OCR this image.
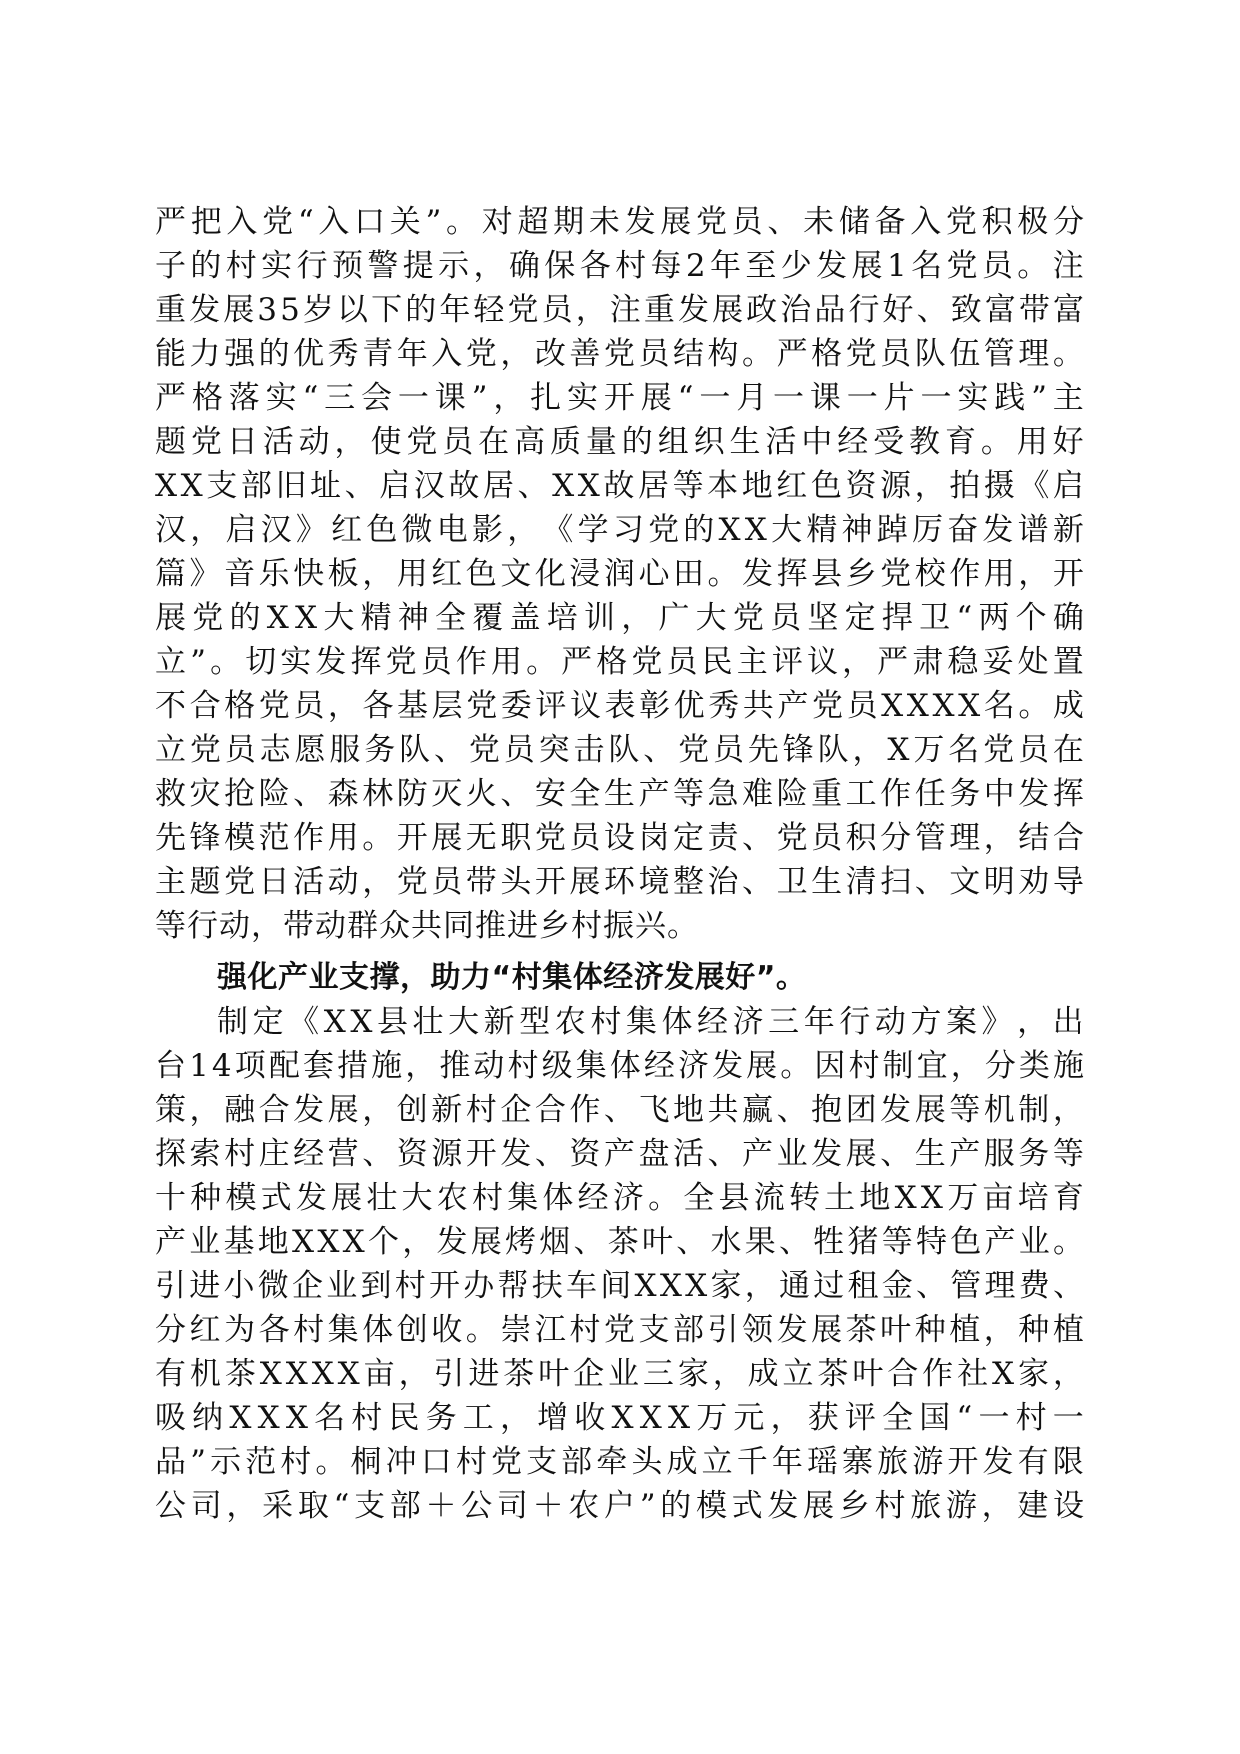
严 把 入 党 “ 入 口 关 ” 。 对 超 期 未 发 展 党 员 、 未 储 备 入 党 积 极 分
子 的 村 实 行 预 警 提 示 ， 确 保 各 村 每 2 年 至 少 发 展 1 名 党 员 。 注
重 发 展 3 5 岁 以 下 的 年 轻 党 员 ， 注 重 发 展 政 治 品 行 好 、 致 富 带 富
能 力 强 的 优 秀 青 年 入 党 ， 改 善 党 员 结 构 。 严 格 党 员 队 伍 管 理 。
严 格 落 实 “ 三 会 一 课 ” ， 扎 实 开 展 “ 一 月 一 课 一 片 一 实 践 ” 主
题 党 日 活 动 ， 使 党 员 在 高 质 量 的 组 织 生 活 中 经 受 教 育 。 用 好
X X 支 部 旧 址 、 启 汉 故 居 、 X X 故 居 等 本 地 红 色 资 源 ， 拍 摄 《 启
汉 ， 启 汉 》 红 色 微 电 影 ， 《 学 习 党 的 X X 大 精 神 踔 厉 奋 发 谱 新
篇 》 音 乐 快 板 ， 用 红 色 文 化 浸 润 心 田 。 发 挥 县 乡 党 校 作 用 ， 开
展 党 的 X X 大 精 神 全 覆 盖 培 训 ， 广 大 党 员 坚 定 捍 卫 “ 两 个 确
立 ” 。 切 实 发 挥 党 员 作 用 。 严 格 党 员 民 主 评 议 ， 严 肃 稳 妥 处 置
不 合 格 党 员 ， 各 基 层 党 委 评 议 表 彰 优 秀 共 产 党 员 X X X X 名 。 成
立 党 员 志 愿 服 务 队 、 党 员 突 击 队 、 党 员 先 锋 队 ， X 万 名 党 员 在
救 灾 抢 险 、 森 林 防 灭 火 、 安 全 生 产 等 急 难 险 重 工 作 任 务 中 发 挥
先 锋 模 范 作 用 。 开 展 无 职 党 员 设 岗 定 责 、 党 员 积 分 管 理 ， 结 合
主 题 党 日 活 动 ， 党 员 带 头 开 展 环 境 整 治 、 卫 生 清 扫 、 文 明 劝 导
等行动，带动群众共同推进乡村振兴。
强化产业支撑，助力“村集体经济发展好”。
制 定 《 X X 县 壮 大 新 型 农 村 集 体 经 济 三 年 行 动 方 案 》 ， 出
台 1 4 项 配 套 措 施 ， 推 动 村 级 集 体 经 济 发 展 。 因 村 制 宜 ， 分 类 施
策 ， 融 合 发 展 ， 创 新 村 企 合 作 、 飞 地 共 赢 、 抱 团 发 展 等 机 制 ，
探 索 村 庄 经 营 、 资 源 开 发 、 资 产 盘 活 、 产 业 发 展 、 生 产 服 务 等
十 种 模 式 发 展 壮 大 农 村 集 体 经 济 。 全 县 流 转 土 地 X X 万 亩 培 育
产 业 基 地 X X X 个 ， 发 展 烤 烟 、 茶 叶 、 水 果 、 牲 猪 等 特 色 产 业 。
引 进 小 微 企 业 到 村 开 办 帮 扶 车 间 X X X 家 ， 通 过 租 金 、 管 理 费 、
分 红 为 各 村 集 体 创 收 。 崇 江 村 党 支 部 引 领 发 展 茶 叶 种 植 ， 种 植
有 机 茶 X X X X 亩 ， 引 进 茶 叶 企 业 三 家 ， 成 立 茶 叶 合 作 社 X 家 ，
吸 纳 X X X 名 村 民 务 工 ， 增 收 X X X 万 元 ， 获 评 全 国 “ 一 村 一
品 ” 示 范 村 。 桐 冲 口 村 党 支 部 牵 头 成 立 千 年 瑶 寨 旅 游 开 发 有 限
公 司 ， 采 取 “ 支 部 ＋ 公 司 ＋ 农 户 ” 的 模 式 发 展 乡 村 旅 游 ， 建 设
